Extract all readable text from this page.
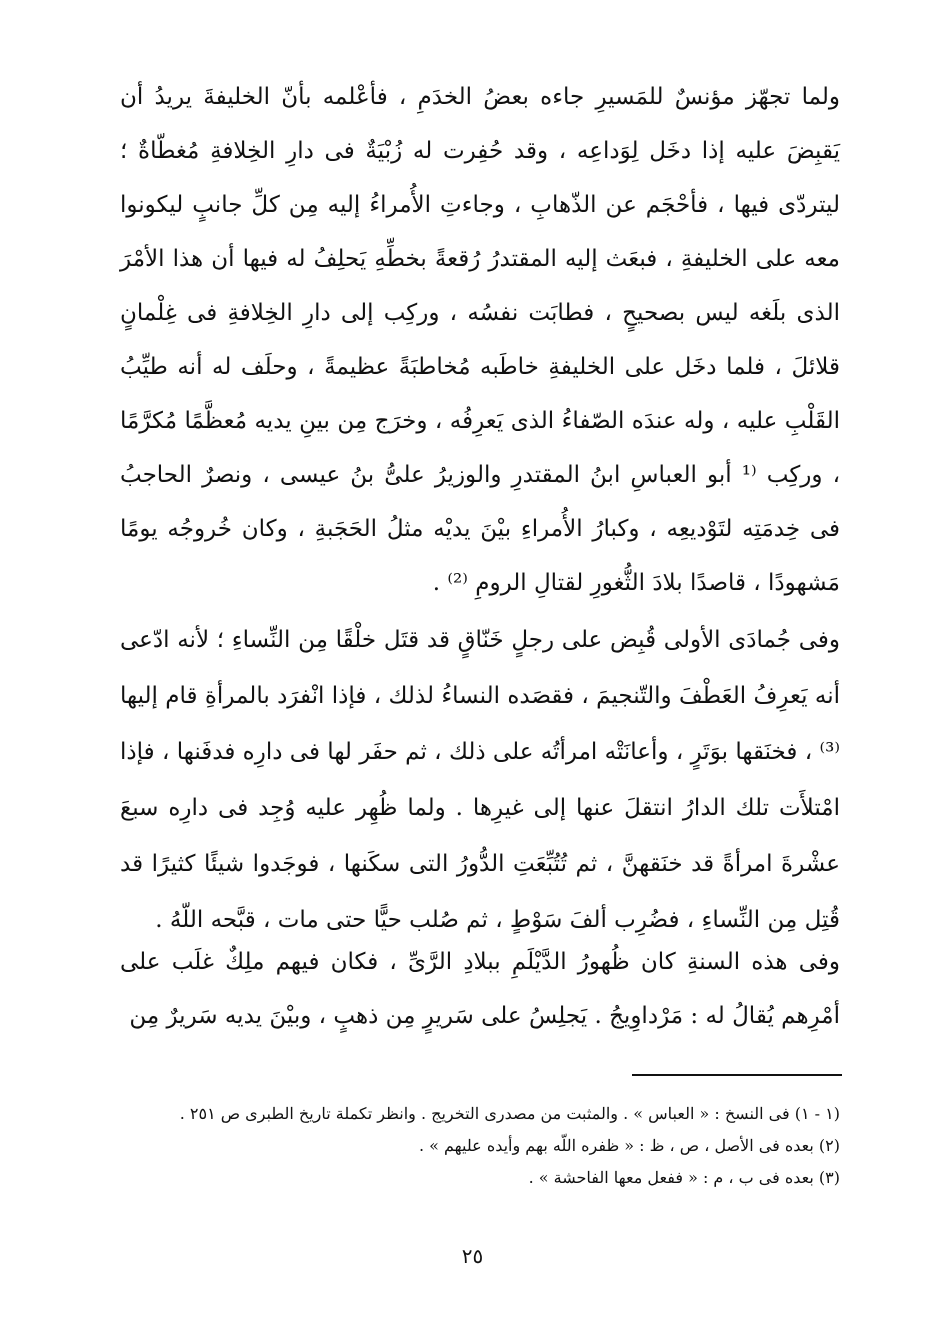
ولما تجهّز مؤنسٌ للمَسيرِ جاءه بعضُ الخدَمِ ، فأعْلمه بأنّ الخليفةَ يريدُ أن يَقبِضَ عليه إذا دخَل لِوَداعِه ، وقد حُفِرت له زُبْيَةٌ فى دارِ الخِلافةِ مُغطّاةٌ ؛ ليتردّى فيها ، فأحْجَم عن الذّهابِ ، وجاءتِ الأُمراءُ إليه مِن كلِّ جانبٍ ليكونوا معه على الخليفةِ ، فبعَث إليه المقتدرُ رُقعةً بخطِّهِ يَحلِفُ له فيها أن هذا الأمْرَ الذى بلَغه ليس بصحيحٍ ، فطابَت نفسُه ، وركِب إلى دارِ الخِلافةِ فى غِلْمانٍ قلائلَ ، فلما دخَل على الخليفةِ خاطَبه مُخاطبَةً عظيمةً ، وحلَف له أنه طيِّبُ القَلْبِ عليه ، وله عندَه الصّفاءُ الذى يَعرِفُه ، وخرَج مِن بينِ يديه مُعظَّمًا مُكرَّمًا ، وركِب ⁽¹ أبو العباسِ ابنُ المقتدرِ والوزيرُ علىُّ بنُ عيسى ، ونصرٌ الحاجبُ فى خِدمَتِه لتَوْديعِه ، وكبارُ الأُمراءِ بيْنَ يديْه مثلُ الحَجَبةِ ، وكان خُروجُه يومًا مَشهودًا ، قاصدًا بلادَ الثُّغورِ لقتالِ الرومِ ⁽²⁾ .

وفى جُمادَى الأولى قُبِض على رجلٍ خَنّاقٍ قد قتَل خلْقًا مِن النِّساءِ ؛ لأنه ادّعى أنه يَعرِفُ العَطْفَ والتّنجيمَ ، فقصَده النساءُ لذلك ، فإذا انْفرَد بالمرأةِ قام إليها ⁽³⁾ ، فخنَقها بوَتَرٍ ، وأعانَتْه امرأتُه على ذلك ، ثم حفَر لها فى دارِه فدفَنها ، فإذا امْتلأَت تلك الدارُ انتقلَ عنها إلى غيرِها . ولما ظُهِر عليه وُجِد فى دارِه سبعَ عشْرةَ امرأةً قد خنَقهنَّ ، ثم تُتُبِّعَتِ الدُّورُ التى سكَنها ، فوجَدوا شيئًا كثيرًا قد قُتِل مِن النِّساءِ ، فضُرِب ألفَ سَوْطٍ ، ثم صُلب حيًّا حتى مات ، قبَّحه اللّهُ .

وفى هذه السنةِ كان ظُهورُ الدَّيْلَمِ ببلادِ الرَّىِّ ، فكان فيهم ملِكٌ غلَب على أمْرِهم يُقالُ له : مَرْداوِيجُ . يَجلِسُ على سَريرٍ مِن ذهبٍ ، وبيْنَ يديه سَريرٌ مِن

(١ - ١) فى النسخ : « العباس » . والمثبت من مصدرى التخريج . وانظر تكملة تاريخ الطبرى ص ٢٥١ .

(٢) بعده فى الأصل ، ص ، ظ : « ظفره اللّه بهم وأيده عليهم » .

(٣) بعده فى ب ، م : « ففعل معها الفاحشة » .

٢٥
